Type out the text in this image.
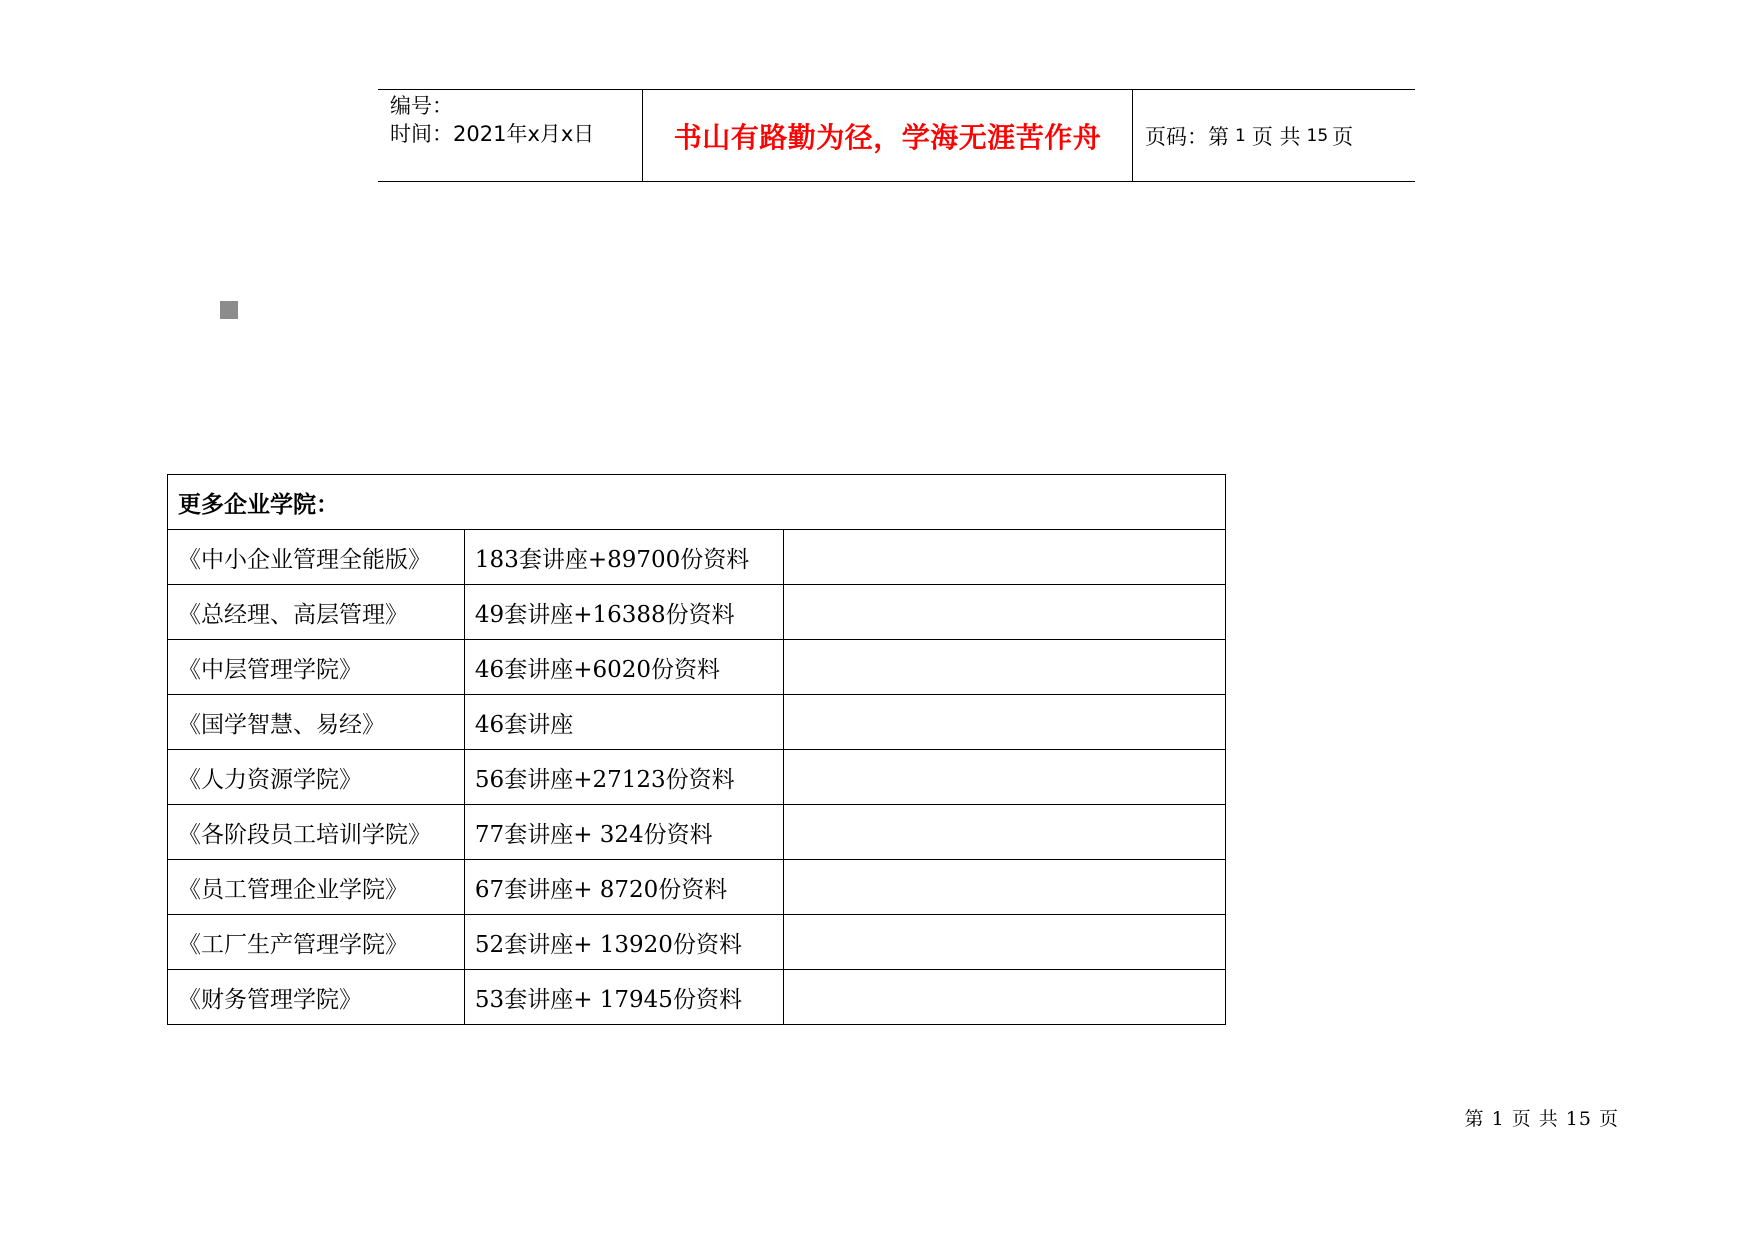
编号：
时间：2021年x月x日	书山有路勤为径，学海无涯苦作舟 页码：第 1 页 共 15 页
更多企业学院：		
《中小企业管理全能版》	183套讲座+89700份资料	
《总经理、高层管理》	49套讲座+16388份资料	
《中层管理学院》	46套讲座+6020份资料	
《国学智慧、易经》	46套讲座	
《人力资源学院》	56套讲座+27123份资料	
《各阶段员工培训学院》	77套讲座+ 324份资料	
《员工管理企业学院》	67套讲座+ 8720份资料	
《工厂生产管理学院》	52套讲座+ 13920份资料	
《财务管理学院》	53套讲座+ 17945份资料	
第 1 页 共 15 页
